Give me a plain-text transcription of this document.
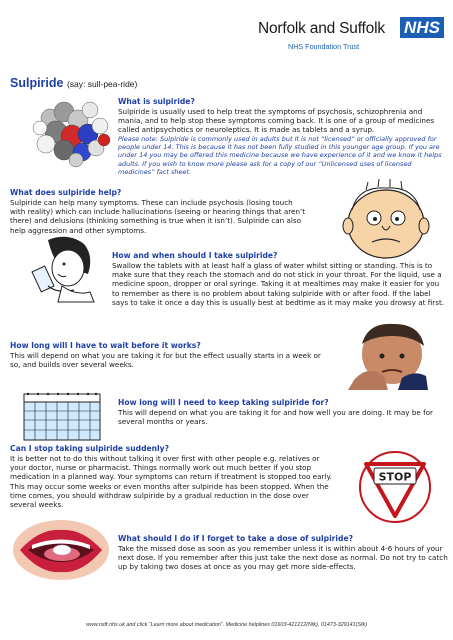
Norfolk and Suffolk NHS
NHS Foundation Trust
Sulpiride (say: sull-pea-ride)
What is sulpiride?
Sulpiride is usually used to help treat the symptoms of psychosis, schizophrenia and mania, and to help stop these symptoms coming back. It is one of a group of medicines called antipsychotics or neuroleptics. It is made as tablets and a syrup.
Please note: Sulpiride is commonly used in adults but it is not “licensed” or officially approved for people under 14. This is because it has not been fully studied in this younger age group. If you are under 14 you may be offered this medicine because we have experience of it and we know it helps adults. If you wish to know more please ask for a copy of our “Unlicensed uses of licensed medicines” fact sheet.
What does sulpiride help?
Sulpiride can help many symptoms. These can include psychosis (losing touch with reality) which can include hallucinations (seeing or hearing things that aren’t there) and delusions (thinking something is true when it isn’t). Sulpiride can also help aggression and other symptoms.
How and when should I take sulpiride?
Swallow the tablets with at least half a glass of water whilst sitting or standing. This is to make sure that they reach the stomach and do not stick in your throat. For the liquid, use a medicine spoon, dropper or oral syringe. Taking it at mealtimes may make it easier for you to remember as there is no problem about taking sulpiride with or after food. If the label says to take it once a day this is usually best at bedtime as it may make you drowsy at first.
How long will I have to wait before it works?
This will depend on what you are taking it for but the effect usually starts in a week or so, and builds over several weeks.
How long will I need to keep taking sulpiride for?
This will depend on what you are taking it for and how well you are doing. It may be for several months or years.
Can I stop taking sulpiride suddenly?
It is better not to do this without talking it over first with other people e.g. relatives or your doctor, nurse or pharmacist. Things normally work out much better if you stop medication in a planned way. Your symptoms can return if treatment is stopped too early. This may occur some weeks or even months after sulpiride has been stopped. When the time comes, you should withdraw sulpiride by a gradual reduction in the dose over several weeks.
STOP
What should I do if I forget to take a dose of sulpiride?
Take the missed dose as soon as you remember unless it is within about 4-6 hours of your next dose. If you remember after this just take the next dose as normal. Do not try to catch up by taking two doses at once as you may get more side-effects.
www.nsft.nhs.uk and click “Learn more about medication”. Medicine helplines 01603-421212(Nfk), 01473-329141(Sfk)
